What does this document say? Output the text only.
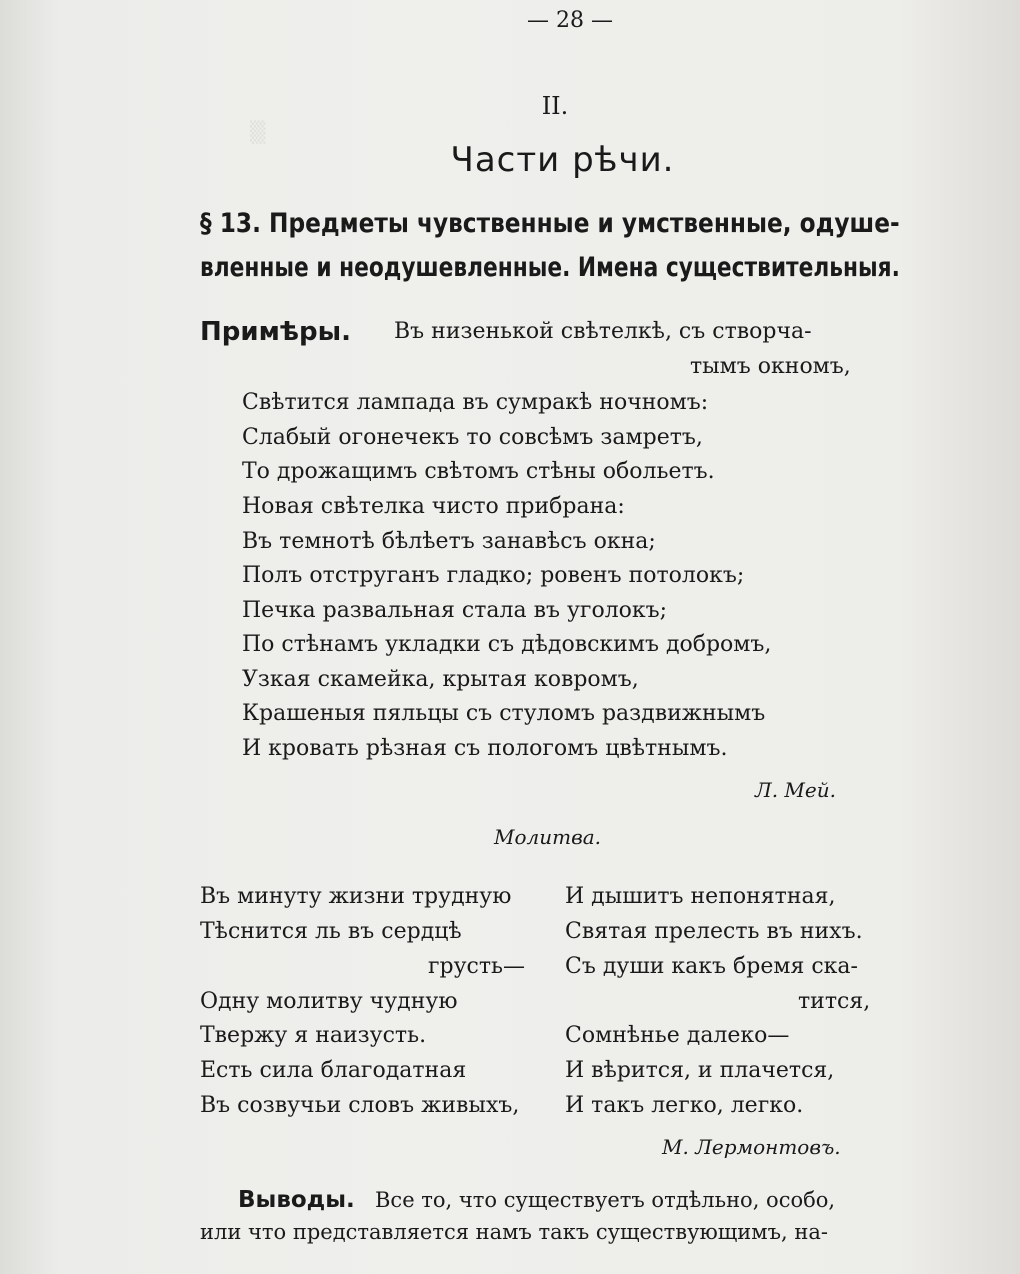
▒
— 28 —
II.
Части рѣчи.
§ 13. Предметы чувственные и умственные, одуше-
вленные и неодушевленные. Имена существительныя.
Примѣры. Въ низенькой свѣтелкѣ, съ створча-
тымъ окномъ,
Свѣтится лампада въ сумракѣ ночномъ:
Слабый огонечекъ то совсѣмъ замретъ,
То дрожащимъ свѣтомъ стѣны обольетъ.
Новая свѣтелка чисто прибрана:
Въ темнотѣ бѣлѣетъ занавѣсъ окна;
Полъ отструганъ гладко; ровенъ потолокъ;
Печка развальная стала въ уголокъ;
По стѣнамъ укладки съ дѣдовскимъ добромъ,
Узкая скамейка, крытая ковромъ,
Крашеныя пяльцы съ стуломъ раздвижнымъ
И кровать рѣзная съ пологомъ цвѣтнымъ.
Л. Мей.
Молитва.
Въ минуту жизни трудную
Тѣснится ль въ сердцѣ
грусть—
Одну молитву чудную
Твержу я наизусть.
Есть сила благодатная
Въ созвучьи словъ живыхъ,
И дышитъ непонятная,
Святая прелесть въ нихъ.
Съ души какъ бремя ска-
тится,
Сомнѣнье далеко—
И вѣрится, и плачется,
И такъ легко, легко.
М. Лермонтовъ.
Выводы. Все то, что существуетъ отдѣльно, особо,
или что представляется намъ такъ существующимъ, на-
